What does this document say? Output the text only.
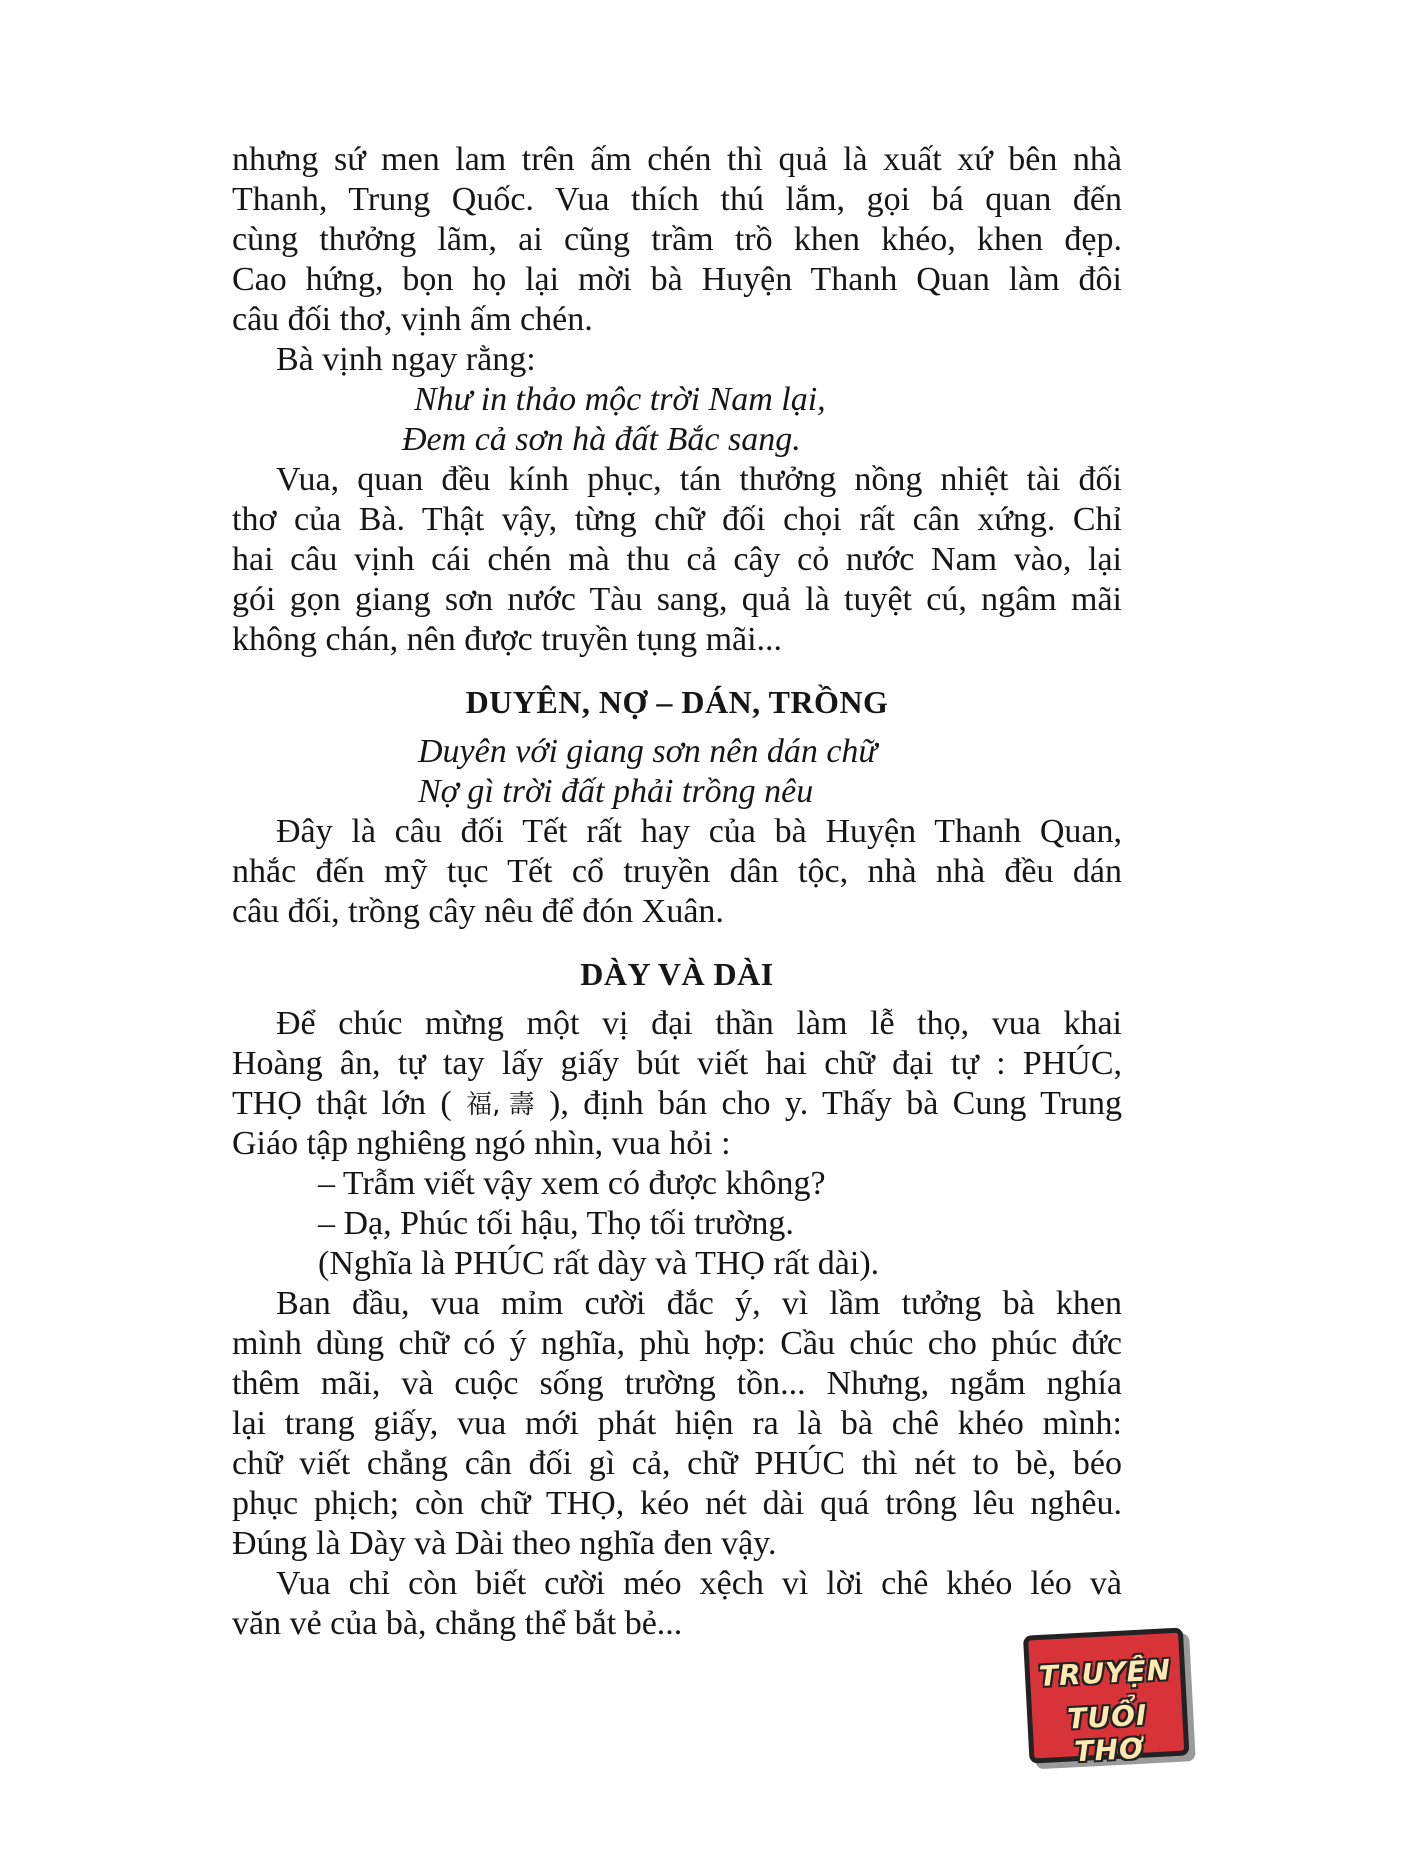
nhưng sứ men lam trên ấm chén thì quả là xuất xứ bên nhà
Thanh, Trung Quốc. Vua thích thú lắm, gọi bá quan đến
cùng thưởng lãm, ai cũng trầm trồ khen khéo, khen đẹp.
Cao hứng, bọn họ lại mời bà Huyện Thanh Quan làm đôi
câu đối thơ, vịnh ấm chén.
Bà vịnh ngay rằng:
Như in thảo mộc trời Nam lại,
Đem cả sơn hà đất Bắc sang.
Vua, quan đều kính phục, tán thưởng nồng nhiệt tài đối
thơ của Bà. Thật vậy, từng chữ đối chọi rất cân xứng. Chỉ
hai câu vịnh cái chén mà thu cả cây cỏ nước Nam vào, lại
gói gọn giang sơn nước Tàu sang, quả là tuyệt cú, ngâm mãi
không chán, nên được truyền tụng mãi...
DUYÊN, NỢ – DÁN, TRỒNG
Duyên với giang sơn nên dán chữ
Nợ gì trời đất phải trồng nêu
Đây là câu đối Tết rất hay của bà Huyện Thanh Quan,
nhắc đến mỹ tục Tết cổ truyền dân tộc, nhà nhà đều dán
câu đối, trồng cây nêu để đón Xuân.
DÀY VÀ DÀI
Để chúc mừng một vị đại thần làm lễ thọ, vua khai
Hoàng ân, tự tay lấy giấy bút viết hai chữ đại tự : PHÚC,
THỌ thật lớn ( 福, 壽 ), định bán cho y. Thấy bà Cung Trung
Giáo tập nghiêng ngó nhìn, vua hỏi :
– Trẫm viết vậy xem có được không?
– Dạ, Phúc tối hậu, Thọ tối trường.
(Nghĩa là PHÚC rất dày và THỌ rất dài).
Ban đầu, vua mỉm cười đắc ý, vì lầm tưởng bà khen
mình dùng chữ có ý nghĩa, phù hợp: Cầu chúc cho phúc đức
thêm mãi, và cuộc sống trường tồn... Nhưng, ngắm nghía
lại trang giấy, vua mới phát hiện ra là bà chê khéo mình:
chữ viết chẳng cân đối gì cả, chữ PHÚC thì nét to bè, béo
phục phịch; còn chữ THỌ, kéo nét dài quá trông lêu nghêu.
Đúng là Dày và Dài theo nghĩa đen vậy.
Vua chỉ còn biết cười méo xệch vì lời chê khéo léo và
văn vẻ của bà, chẳng thể bắt bẻ...
TRUYỆN
TUỔI THƠ
